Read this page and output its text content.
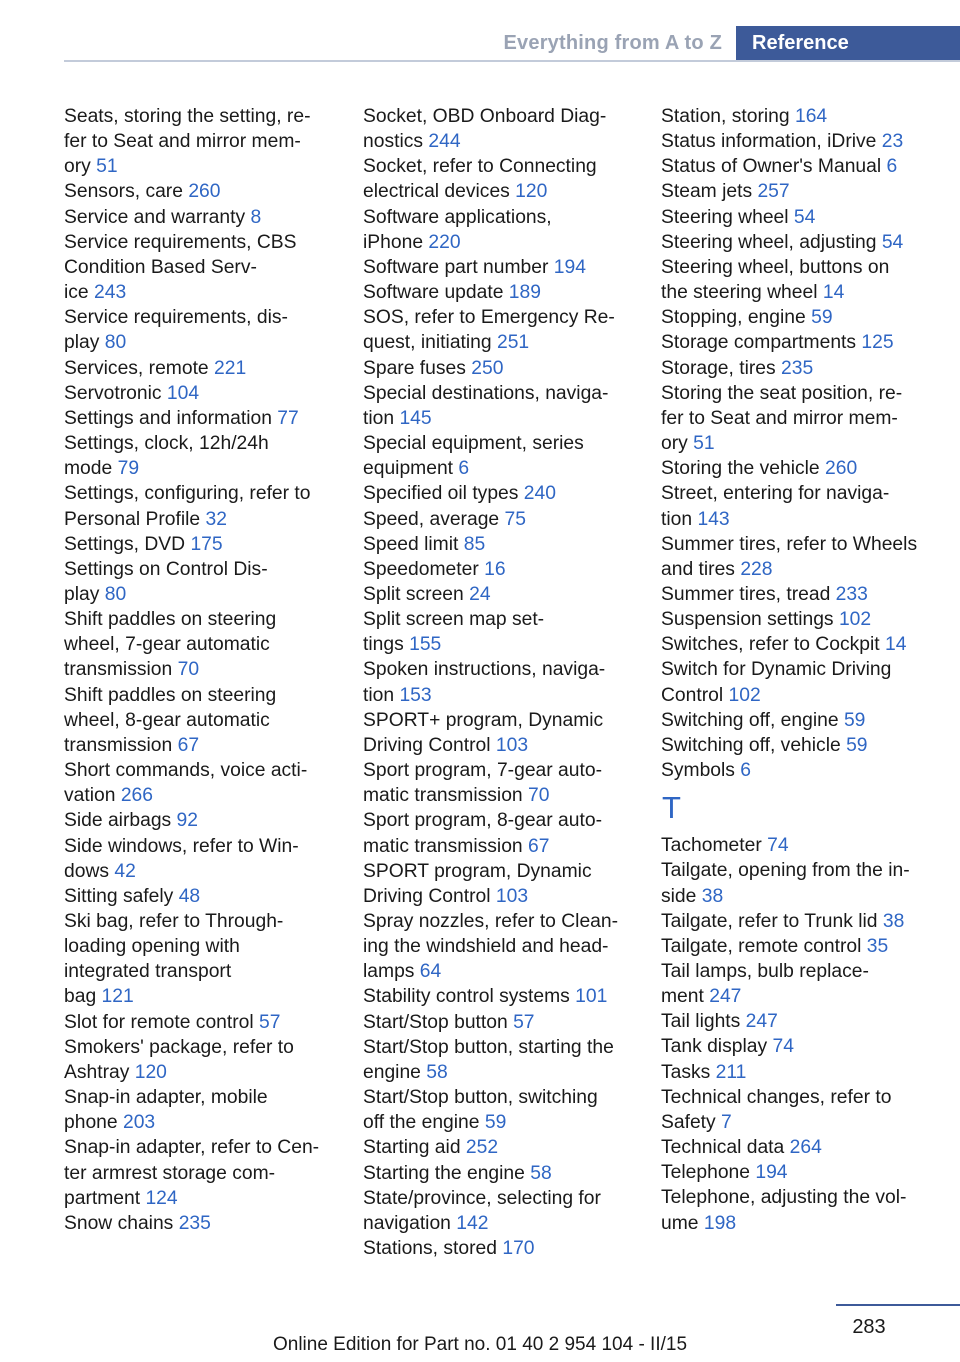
Everything from A to Z	Reference
Seats, storing the setting, re-
fer to Seat and mirror mem-
ory 51
Sensors, care 260
Service and warranty 8
Service requirements, CBS
Condition Based Serv-
ice 243
Service requirements, dis-
play 80
Services, remote 221
Servotronic 104
Settings and information 77
Settings, clock, 12h/24h
mode 79
Settings, configuring, refer to
Personal Profile 32
Settings, DVD 175
Settings on Control Dis-
play 80
Shift paddles on steering
wheel, 7-gear automatic
transmission 70
Shift paddles on steering
wheel, 8-gear automatic
transmission 67
Short commands, voice acti-
vation 266
Side airbags 92
Side windows, refer to Win-
dows 42
Sitting safely 48
Ski bag, refer to Through-
loading opening with
integrated transport
bag 121
Slot for remote control 57
Smokers' package, refer to
Ashtray 120
Snap-in adapter, mobile
phone 203
Snap-in adapter, refer to Cen-
ter armrest storage com-
partment 124
Snow chains 235
Socket, OBD Onboard Diag-
nostics 244
Socket, refer to Connecting
electrical devices 120
Software applications,
iPhone 220
Software part number 194
Software update 189
SOS, refer to Emergency Re-
quest, initiating 251
Spare fuses 250
Special destinations, naviga-
tion 145
Special equipment, series
equipment 6
Specified oil types 240
Speed, average 75
Speed limit 85
Speedometer 16
Split screen 24
Split screen map set-
tings 155
Spoken instructions, naviga-
tion 153
SPORT+ program, Dynamic
Driving Control 103
Sport program, 7-gear auto-
matic transmission 70
Sport program, 8-gear auto-
matic transmission 67
SPORT program, Dynamic
Driving Control 103
Spray nozzles, refer to Clean-
ing the windshield and head-
lamps 64
Stability control systems 101
Start/Stop button 57
Start/Stop button, starting the
engine 58
Start/Stop button, switching
off the engine 59
Starting aid 252
Starting the engine 58
State/province, selecting for
navigation 142
Stations, stored 170
Station, storing 164
Status information, iDrive 23
Status of Owner's Manual 6
Steam jets 257
Steering wheel 54
Steering wheel, adjusting 54
Steering wheel, buttons on
the steering wheel 14
Stopping, engine 59
Storage compartments 125
Storage, tires 235
Storing the seat position, re-
fer to Seat and mirror mem-
ory 51
Storing the vehicle 260
Street, entering for naviga-
tion 143
Summer tires, refer to Wheels
and tires 228
Summer tires, tread 233
Suspension settings 102
Switches, refer to Cockpit 14
Switch for Dynamic Driving
Control 102
Switching off, engine 59
Switching off, vehicle 59
Symbols 6
T
Tachometer 74
Tailgate, opening from the in-
side 38
Tailgate, refer to Trunk lid 38
Tailgate, remote control 35
Tail lamps, bulb replace-
ment 247
Tail lights 247
Tank display 74
Tasks 211
Technical changes, refer to
Safety 7
Technical data 264
Telephone 194
Telephone, adjusting the vol-
ume 198
283
Online Edition for Part no. 01 40 2 954 104 - II/15
